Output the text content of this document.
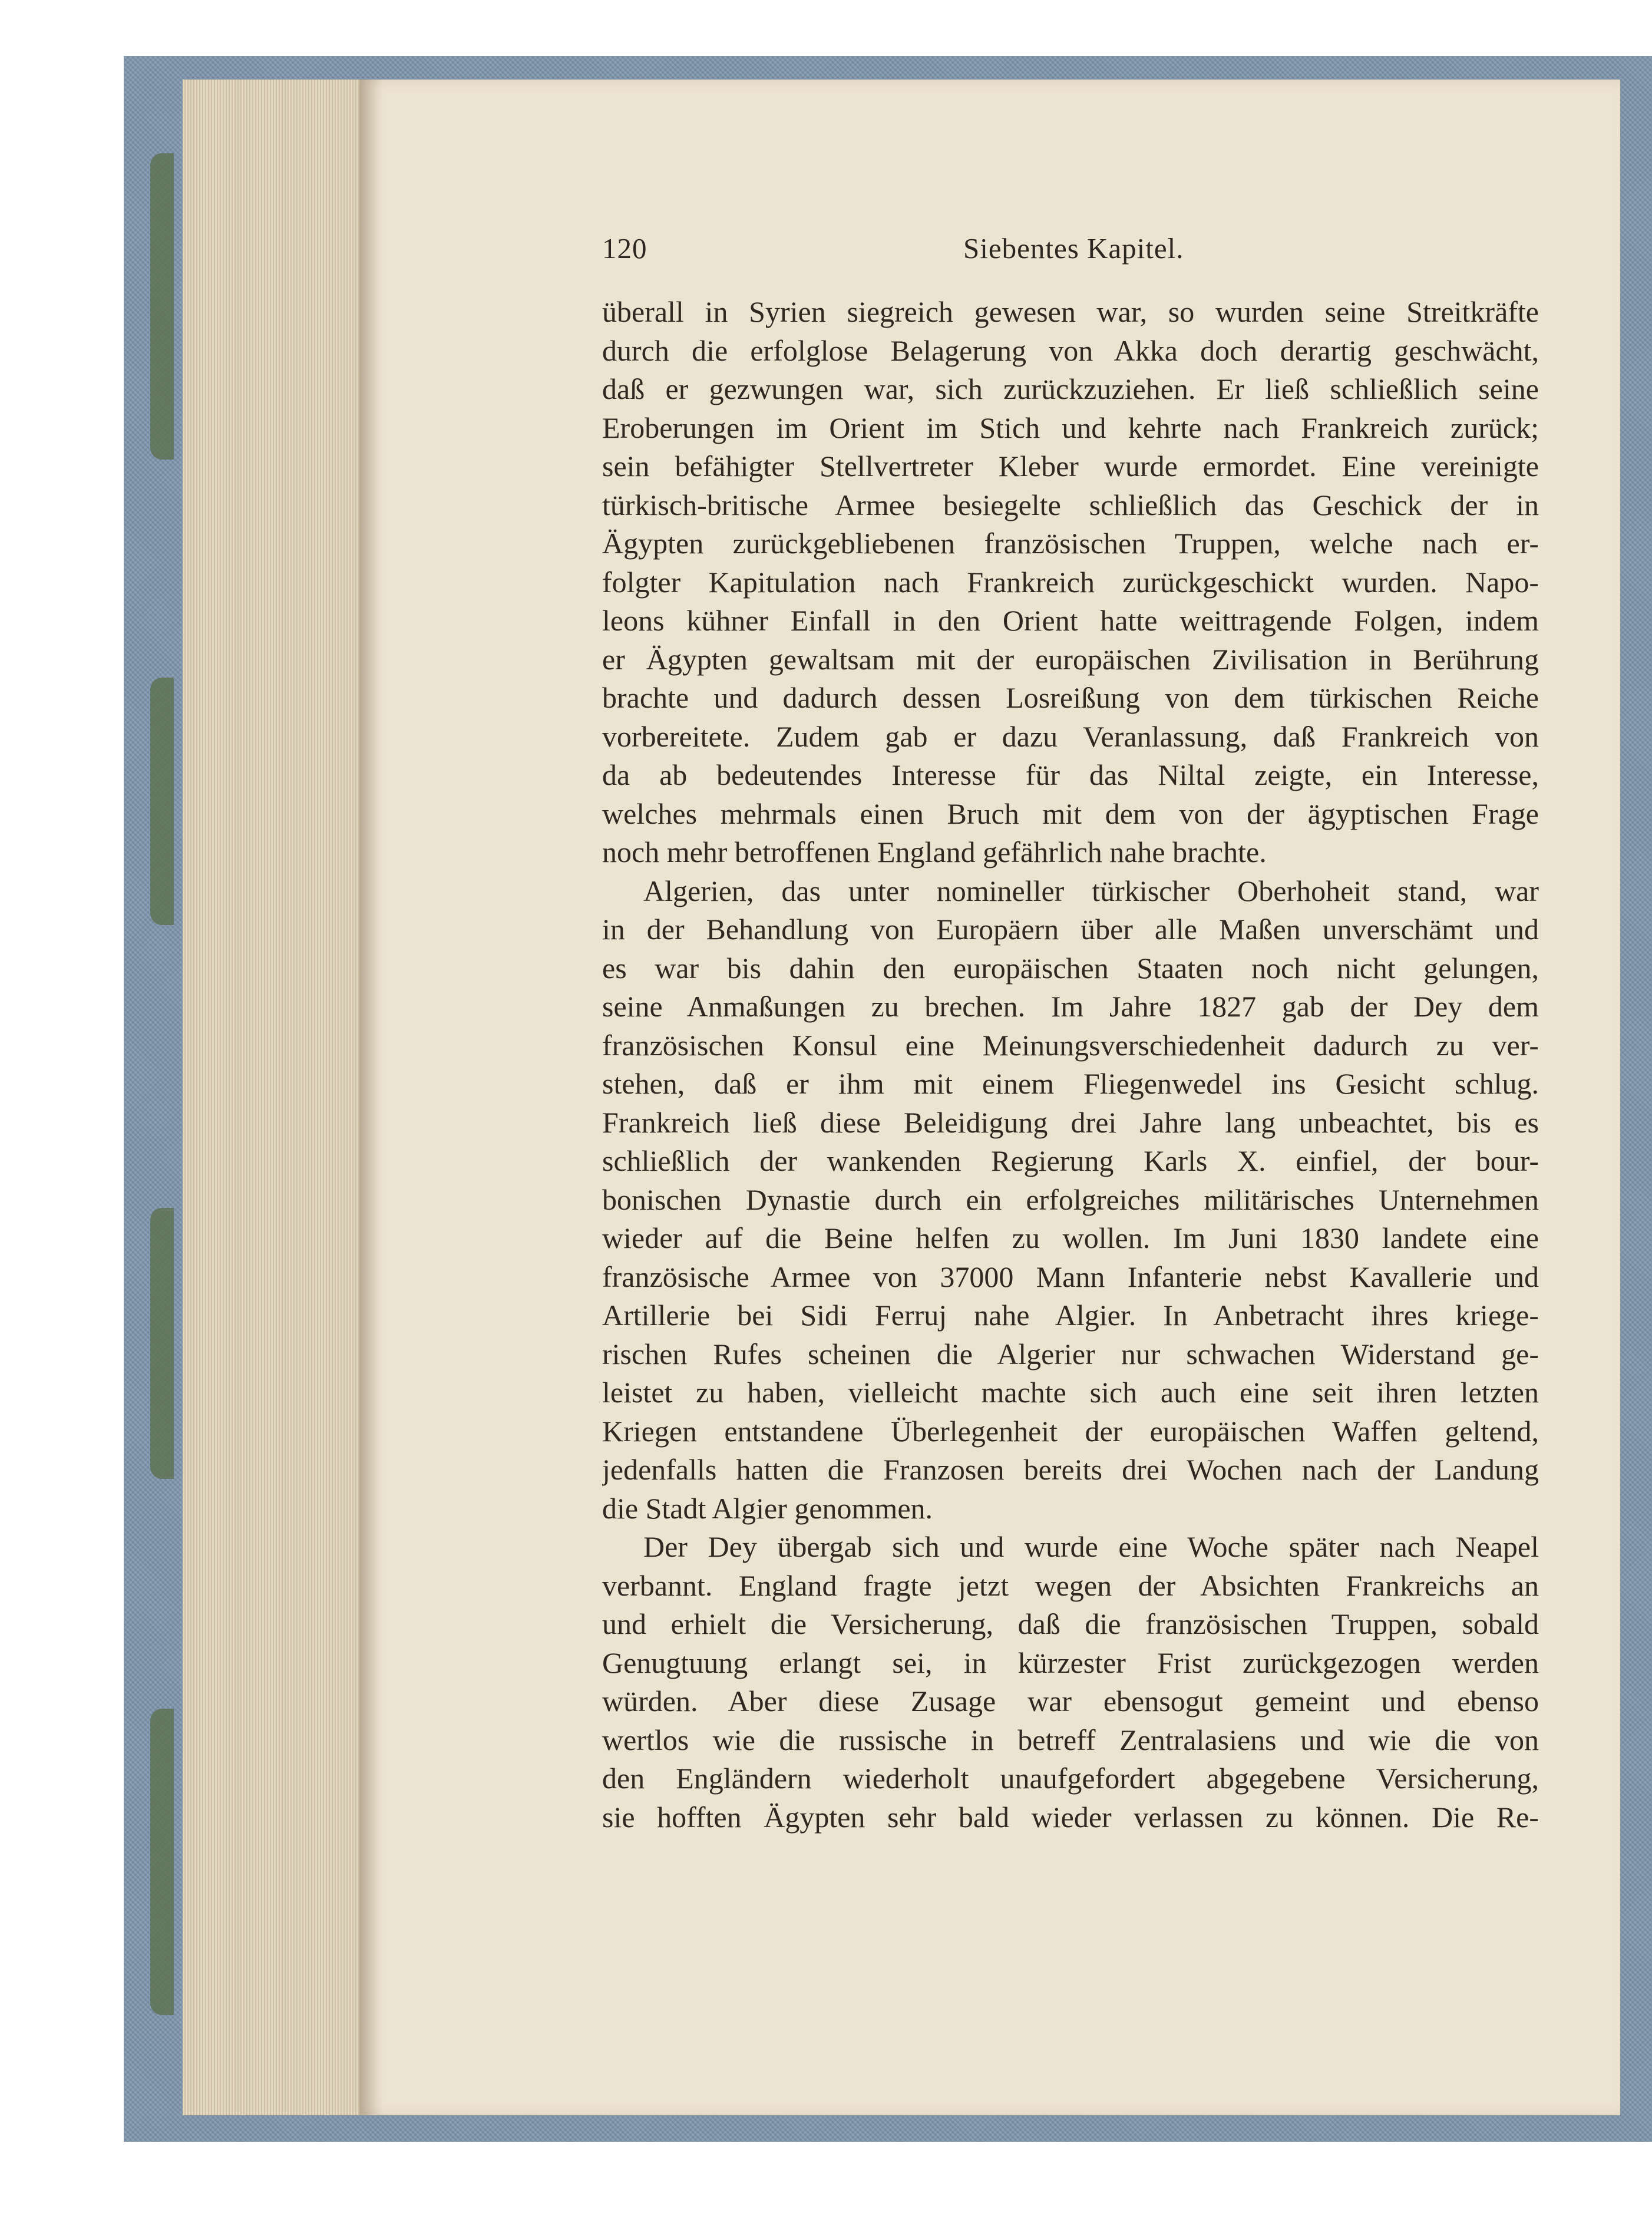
120	Siebentes Kapitel.
überall in Syrien siegreich gewesen war, so wurden seine Streitkräfte
durch die erfolglose Belagerung von Akka doch derartig geschwächt,
daß er gezwungen war, sich zurückzuziehen. Er ließ schließlich seine
Eroberungen im Orient im Stich und kehrte nach Frankreich zurück;
sein befähigter Stellvertreter Kleber wurde ermordet. Eine vereinigte
türkisch-britische Armee besiegelte schließlich das Geschick der in
Ägypten zurückgebliebenen französischen Truppen, welche nach er-
folgter Kapitulation nach Frankreich zurückgeschickt wurden. Napo-
leons kühner Einfall in den Orient hatte weittragende Folgen, indem
er Ägypten gewaltsam mit der europäischen Zivilisation in Berührung
brachte und dadurch dessen Losreißung von dem türkischen Reiche
vorbereitete. Zudem gab er dazu Veranlassung, daß Frankreich von
da ab bedeutendes Interesse für das Niltal zeigte, ein Interesse,
welches mehrmals einen Bruch mit dem von der ägyptischen Frage
noch mehr betroffenen England gefährlich nahe brachte.
Algerien, das unter nomineller türkischer Oberhoheit stand, war
in der Behandlung von Europäern über alle Maßen unverschämt und
es war bis dahin den europäischen Staaten noch nicht gelungen,
seine Anmaßungen zu brechen. Im Jahre 1827 gab der Dey dem
französischen Konsul eine Meinungsverschiedenheit dadurch zu ver-
stehen, daß er ihm mit einem Fliegenwedel ins Gesicht schlug.
Frankreich ließ diese Beleidigung drei Jahre lang unbeachtet, bis es
schließlich der wankenden Regierung Karls X. einfiel, der bour-
bonischen Dynastie durch ein erfolgreiches militärisches Unternehmen
wieder auf die Beine helfen zu wollen. Im Juni 1830 landete eine
französische Armee von 37000 Mann Infanterie nebst Kavallerie und
Artillerie bei Sidi Ferruj nahe Algier. In Anbetracht ihres kriege-
rischen Rufes scheinen die Algerier nur schwachen Widerstand ge-
leistet zu haben, vielleicht machte sich auch eine seit ihren letzten
Kriegen entstandene Überlegenheit der europäischen Waffen geltend,
jedenfalls hatten die Franzosen bereits drei Wochen nach der Landung
die Stadt Algier genommen.
Der Dey übergab sich und wurde eine Woche später nach Neapel
verbannt. England fragte jetzt wegen der Absichten Frankreichs an
und erhielt die Versicherung, daß die französischen Truppen, sobald
Genugtuung erlangt sei, in kürzester Frist zurückgezogen werden
würden. Aber diese Zusage war ebensogut gemeint und ebenso
wertlos wie die russische in betreff Zentralasiens und wie die von
den Engländern wiederholt unaufgefordert abgegebene Versicherung,
sie hofften Ägypten sehr bald wieder verlassen zu können. Die Re-
